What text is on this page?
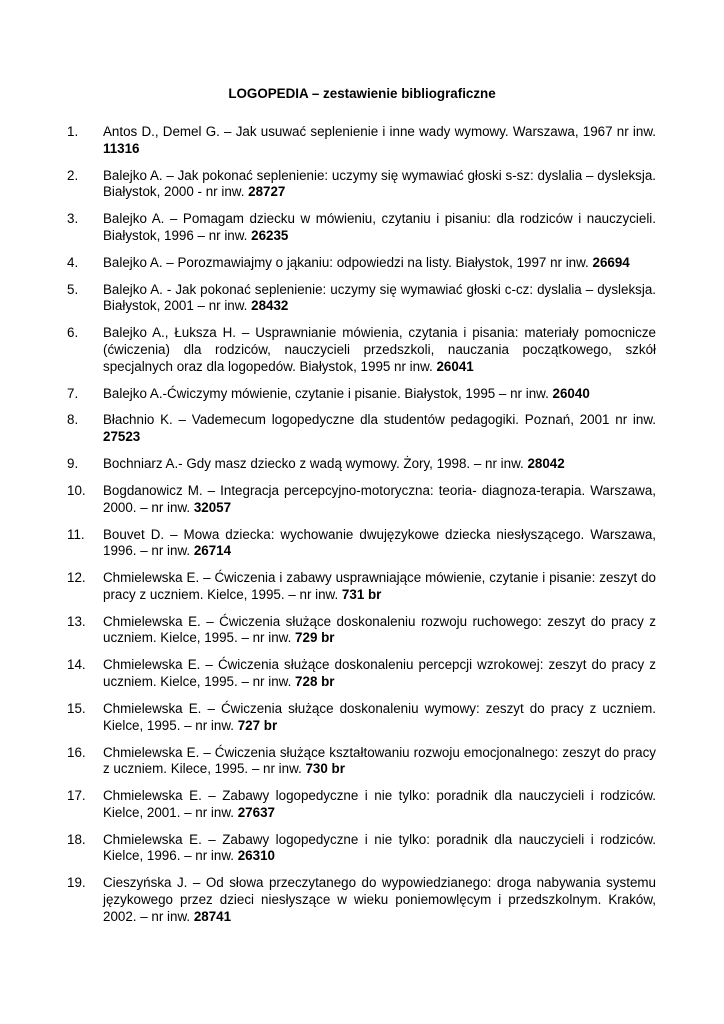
LOGOPEDIA – zestawienie bibliograficzne
1.	Antos D., Demel G. – Jak usuwać seplenienie i inne wady wymowy. Warszawa, 1967 nr inw. 11316
2.	Balejko A. – Jak pokonać seplenienie: uczymy się wymawiać głoski s-sz: dyslalia – dysleksja. Białystok, 2000 - nr inw. 28727
3.	Balejko A. – Pomagam dziecku w mówieniu, czytaniu i pisaniu: dla rodziców i nauczycieli. Białystok, 1996 – nr inw. 26235
4.	Balejko A. – Porozmawiajmy o jąkaniu: odpowiedzi na listy. Białystok, 1997 nr inw. 26694
5.	Balejko A. - Jak pokonać seplenienie: uczymy się wymawiać głoski c-cz: dyslalia – dysleksja. Białystok, 2001 – nr inw. 28432
6.	Balejko A., Łuksza H. – Usprawnianie mówienia, czytania i pisania: materiały pomocnicze (ćwiczenia) dla rodziców, nauczycieli przedszkoli, nauczania początkowego, szkół specjalnych oraz dla logopedów. Białystok, 1995 nr inw. 26041
7.	Balejko A.-Ćwiczymy mówienie, czytanie i pisanie. Białystok, 1995 – nr inw. 26040
8.	Błachnio K. – Vademecum logopedyczne dla studentów pedagogiki. Poznań, 2001 nr inw. 27523
9.	Bochniarz A.- Gdy masz dziecko z wadą wymowy. Żory, 1998. – nr inw. 28042
10.	Bogdanowicz M. – Integracja percepcyjno-motoryczna: teoria- diagnoza-terapia. Warszawa, 2000. – nr inw. 32057
11.	Bouvet D. – Mowa dziecka: wychowanie dwujęzykowe dziecka niesłyszącego. Warszawa, 1996. – nr inw. 26714
12.	Chmielewska E. – Ćwiczenia i zabawy usprawniające mówienie, czytanie i pisanie: zeszyt do pracy z uczniem. Kielce, 1995. – nr inw. 731 br
13.	Chmielewska E. – Ćwiczenia służące doskonaleniu rozwoju ruchowego: zeszyt do pracy z uczniem. Kielce, 1995. – nr inw. 729 br
14.	Chmielewska E. – Ćwiczenia służące doskonaleniu percepcji wzrokowej: zeszyt do pracy z uczniem. Kielce, 1995. – nr inw. 728 br
15.	Chmielewska E. – Ćwiczenia służące doskonaleniu wymowy: zeszyt do pracy z uczniem. Kielce, 1995. – nr inw. 727 br
16.	Chmielewska E. – Ćwiczenia służące kształtowaniu rozwoju emocjonalnego: zeszyt do pracy z uczniem. Kilece, 1995. – nr inw. 730 br
17.	Chmielewska E. – Zabawy logopedyczne i nie tylko: poradnik dla nauczycieli i rodziców. Kielce, 2001. – nr inw. 27637
18.	Chmielewska E. – Zabawy logopedyczne i nie tylko: poradnik dla nauczycieli i rodziców. Kielce, 1996. – nr inw. 26310
19.	Cieszyńska J. – Od słowa przeczytanego do wypowiedzianego: droga nabywania systemu językowego przez dzieci niesłyszące w wieku poniemowlęcym i przedszkolnym. Kraków, 2002. – nr inw. 28741
